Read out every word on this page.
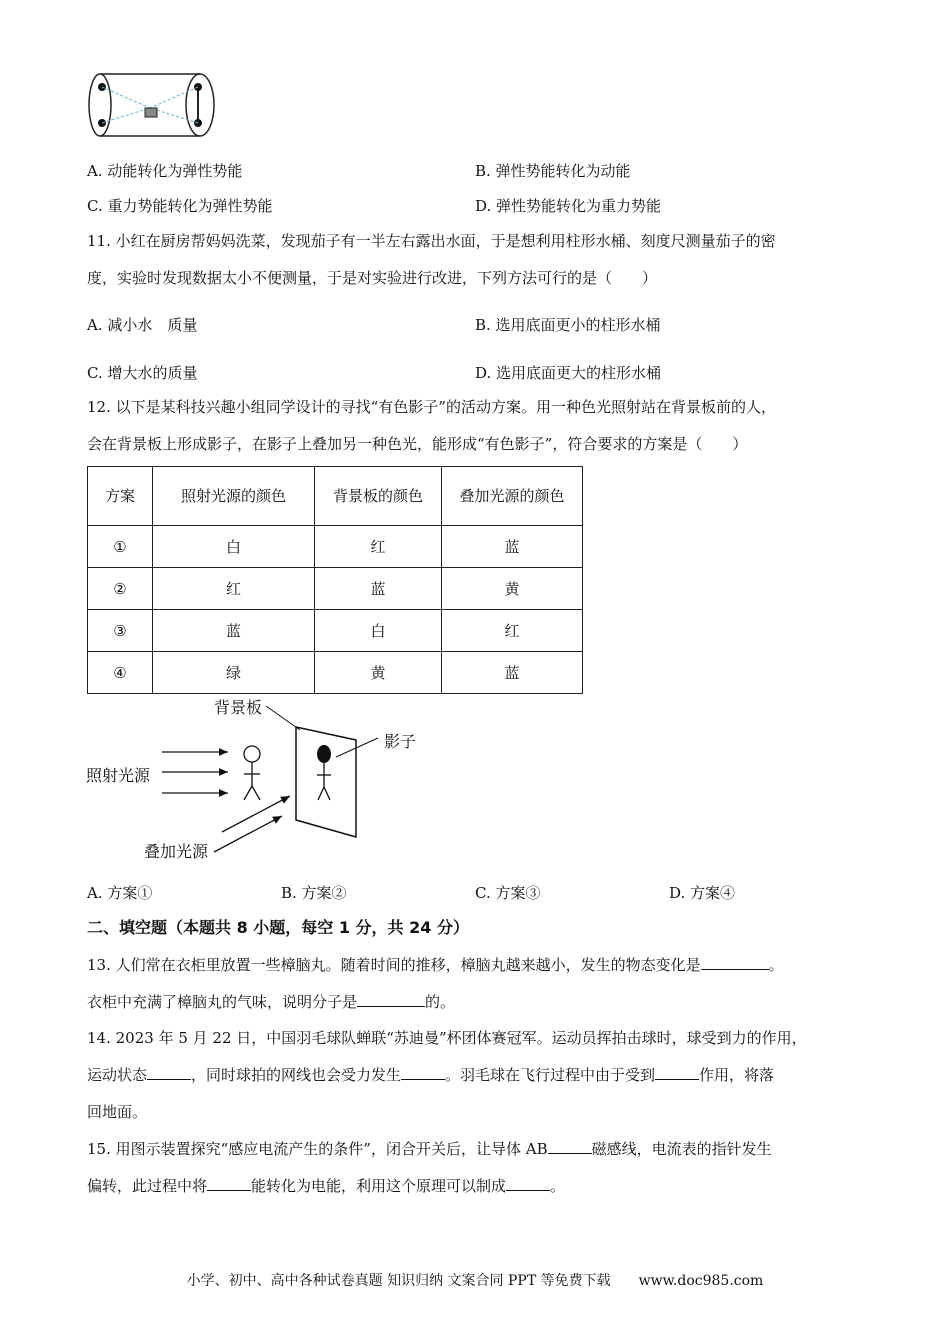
A. 动能转化为弹性势能	B. 弹性势能转化为动能
C. 重力势能转化为弹性势能	D. 弹性势能转化为重力势能
11. 小红在厨房帮妈妈洗菜，发现茄子有一半左右露出水面，于是想利用柱形水桶、刻度尺测量茄子的密
度，实验时发现数据太小不便测量，于是对实验进行改进，下列方法可行的是（　　）
A. 减小水　质量	B. 选用底面更小的柱形水桶
C. 增大水的质量	D. 选用底面更大的柱形水桶
12. 以下是某科技兴趣小组同学设计的寻找“有色影子”的活动方案。用一种色光照射站在背景板前的人，
会在背景板上形成影子，在影子上叠加另一种色光，能形成“有色影子”，符合要求的方案是（　　）
方案	照射光源的颜色	背景板的颜色	叠加光源的颜色
①	白	红	蓝
②	红	蓝	黄
③	蓝	白	红
④	绿	黄	蓝
背景板
影子
照射光源
叠加光源
A. 方案①	B. 方案②	C. 方案③	D. 方案④
二、填空题（本题共 8 小题，每空 1 分，共 24 分）
13. 人们常在衣柜里放置一些樟脑丸。随着时间的推移，樟脑丸越来越小，发生的物态变化是	。
衣柜中充满了樟脑丸的气味，说明分子是	的。
14. 2023 年 5 月 22 日，中国羽毛球队蝉联“苏迪曼”杯团体赛冠军。运动员挥拍击球时，球受到力的作用，
运动状态	，同时球拍的网线也会受力发生	。羽毛球在飞行过程中由于受到	作用，将落
回地面。
15. 用图示装置探究“感应电流产生的条件”，闭合开关后，让导体 AB	磁感线，电流表的指针发生
偏转，此过程中将	能转化为电能，利用这个原理可以制成	。
小学、初中、高中各种试卷真题 知识归纳 文案合同 PPT 等免费下载　　www.doc985.com
